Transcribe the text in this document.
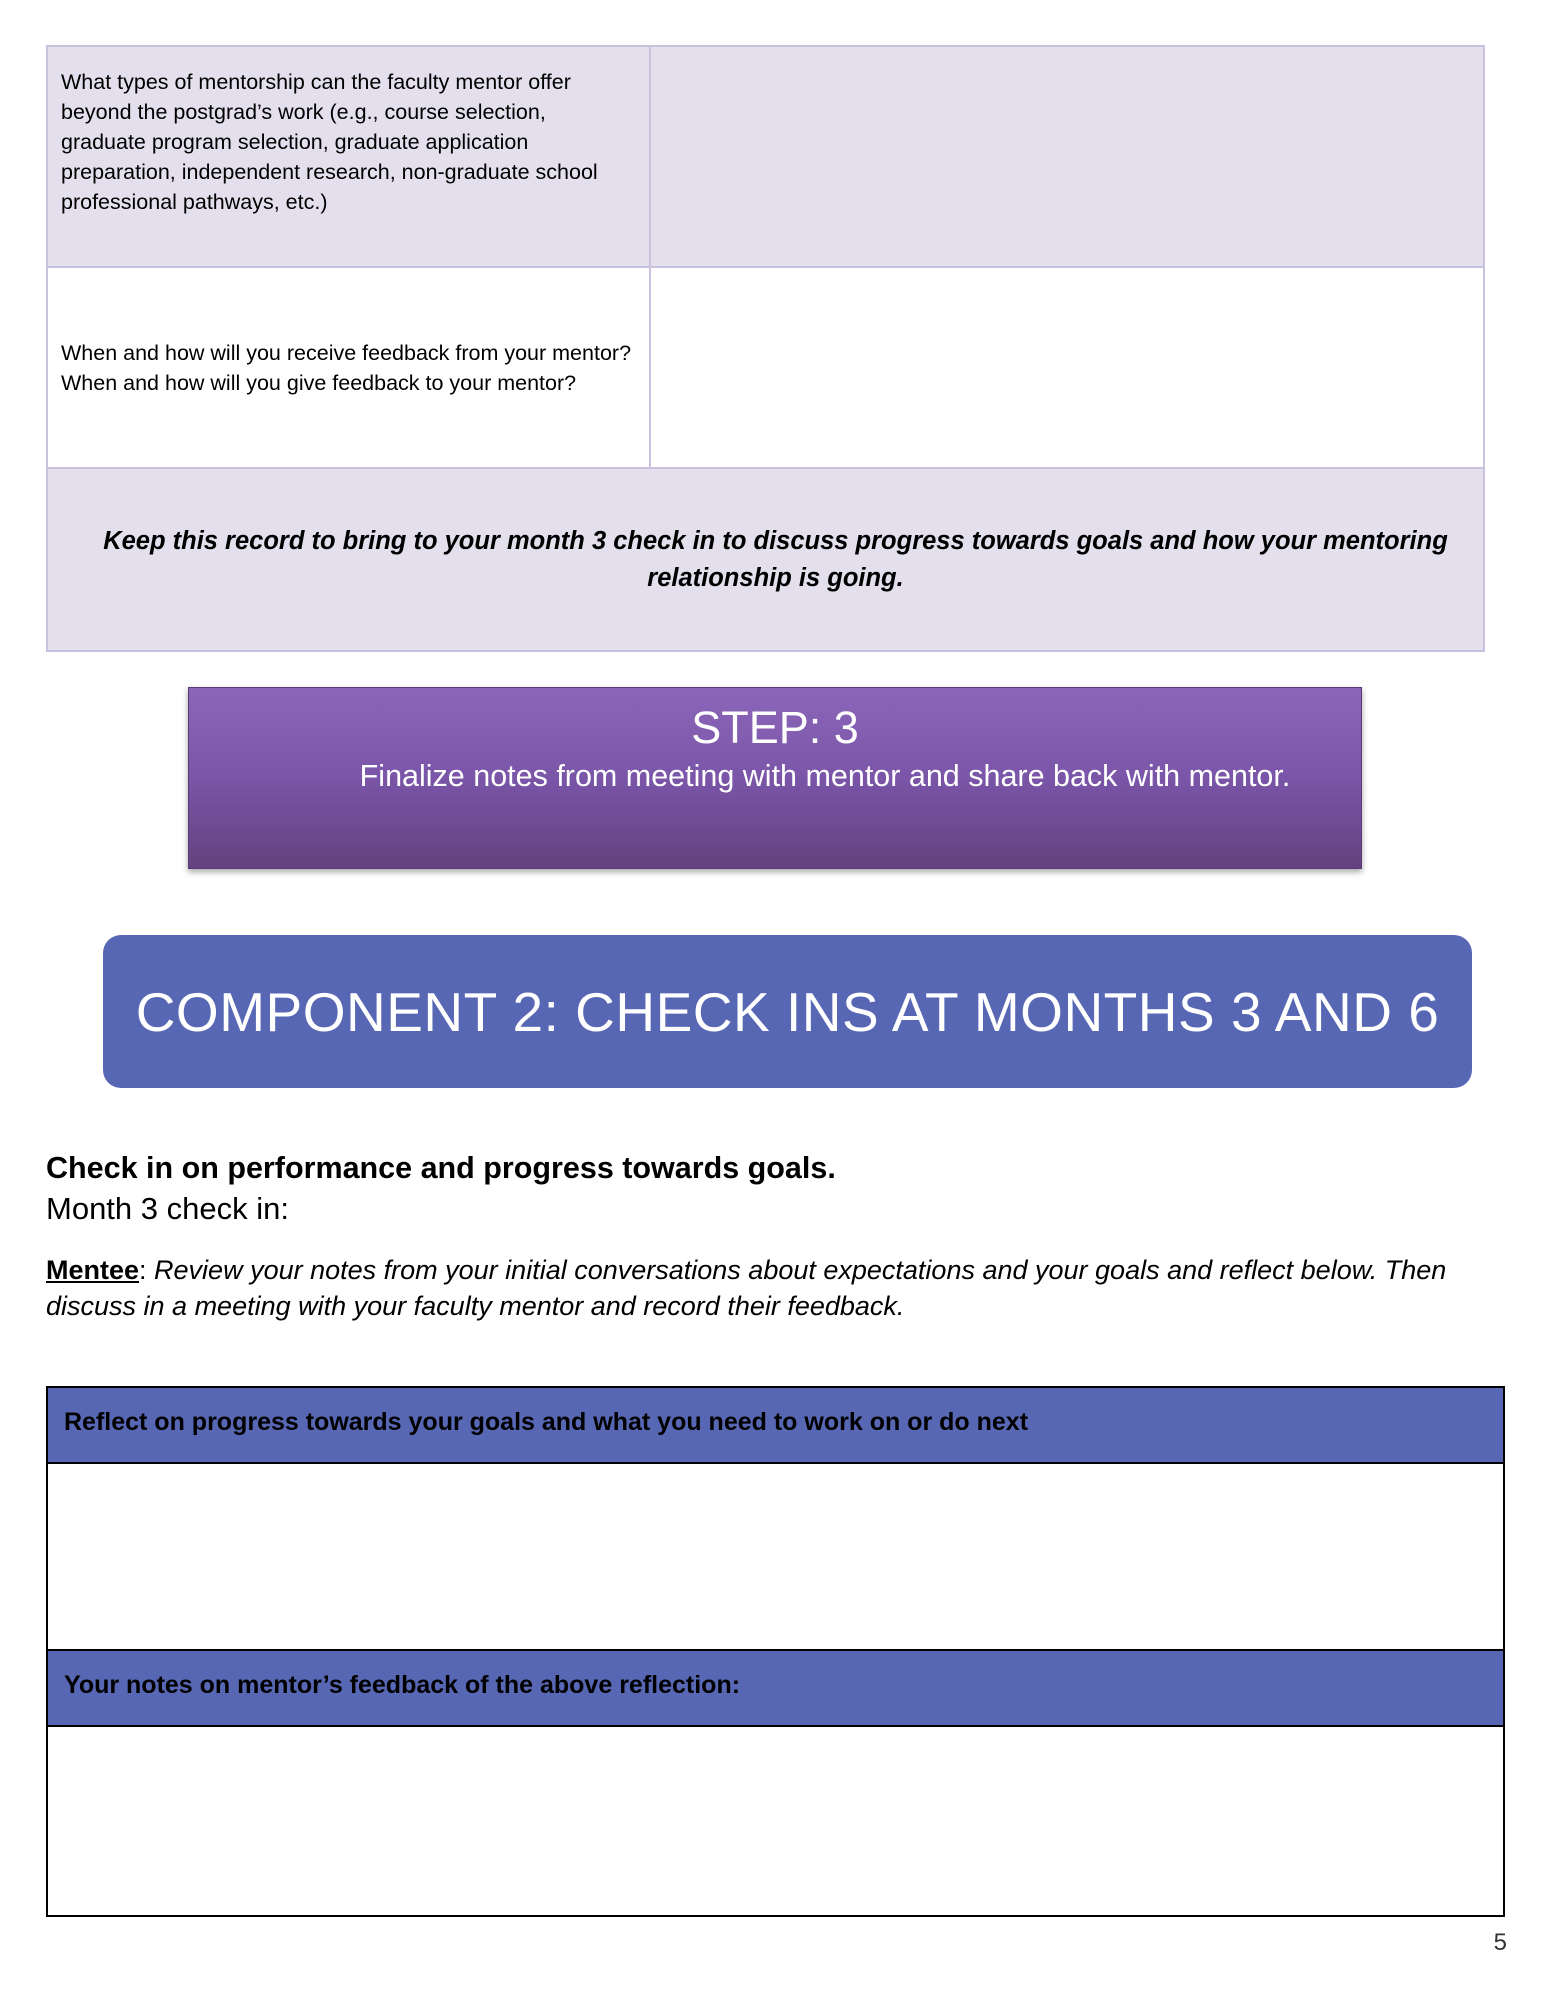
What types of mentorship can the faculty mentor offer beyond the postgrad’s work (e.g., course selection, graduate program selection, graduate application preparation, independent research, non-graduate school professional pathways, etc.)	
When and how will you receive feedback from your mentor? When and how will you give feedback to your mentor?	
Keep this record to bring to your month 3 check in to discuss progress towards goals and how your mentoring relationship is going.	
STEP: 3
Finalize notes from meeting with mentor and share back with mentor.
COMPONENT 2: CHECK INS AT MONTHS 3 AND 6
Check in on performance and progress towards goals.
Month 3 check in:
Mentee: Review your notes from your initial conversations about expectations and your goals and reflect below. Then discuss in a meeting with your faculty mentor and record their feedback.
Reflect on progress towards your goals and what you need to work on or do next
Your notes on mentor’s feedback of the above reflection:
5
